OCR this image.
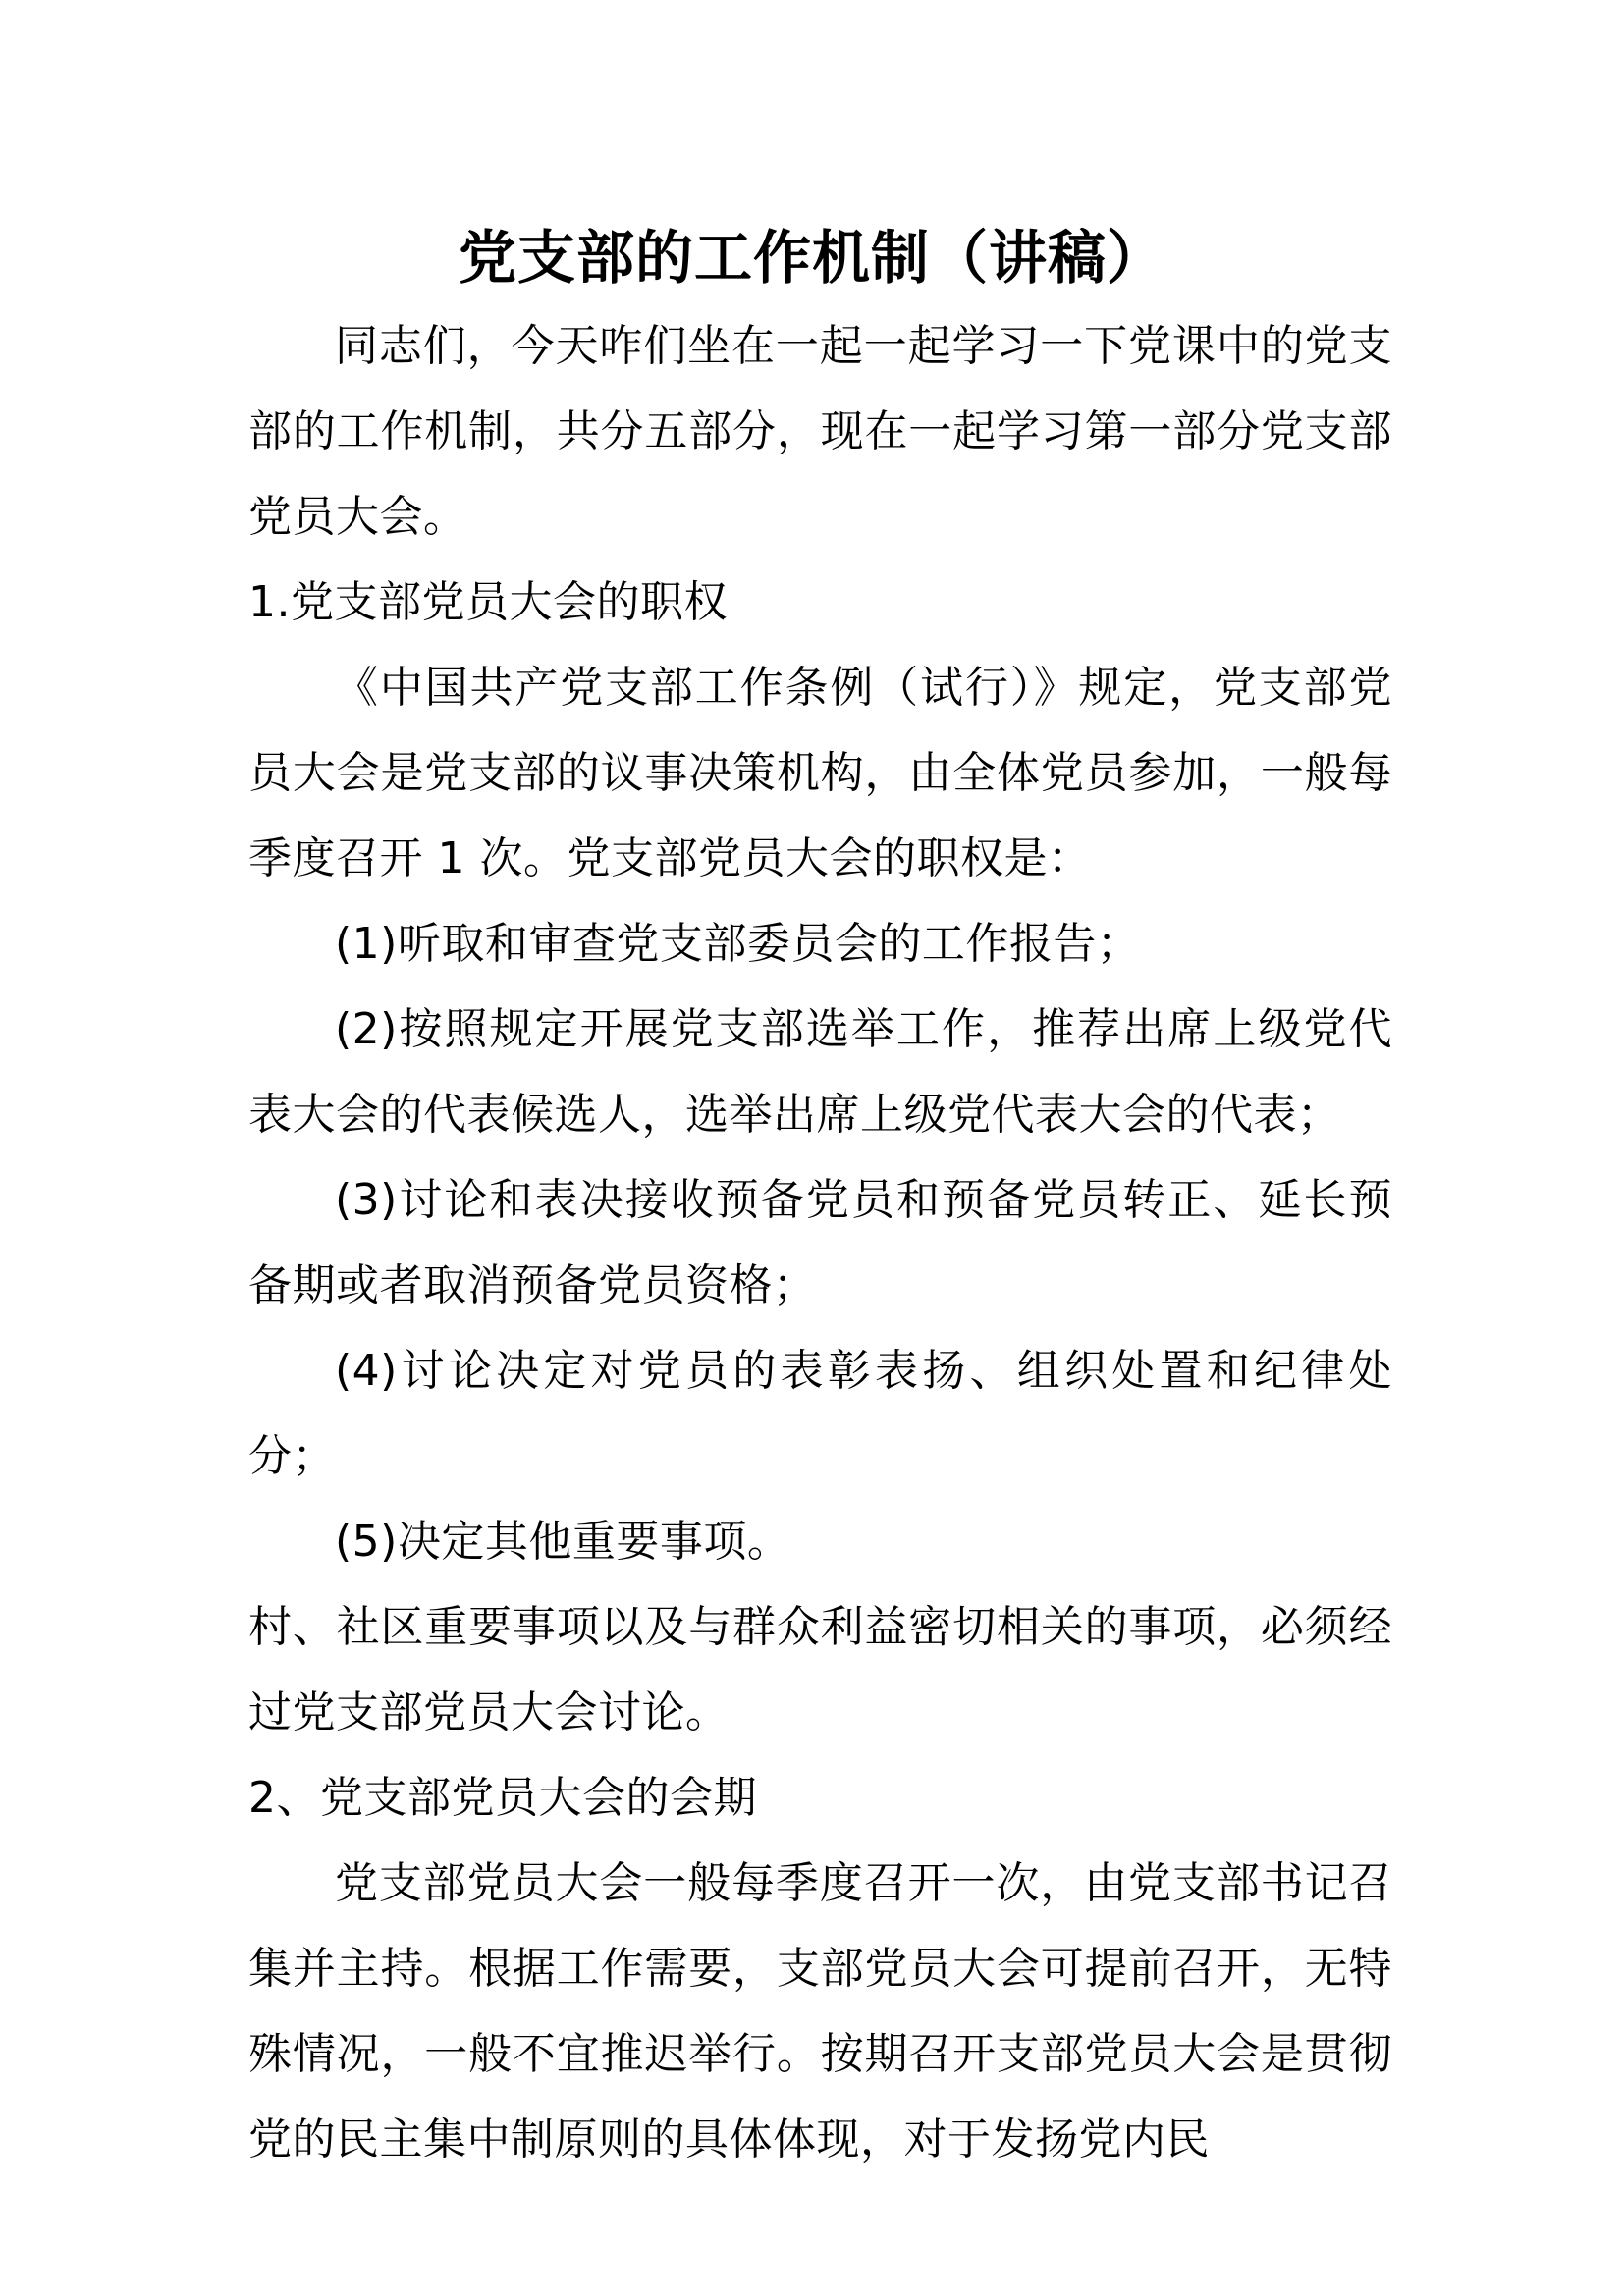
党支部的工作机制（讲稿）

同志们，今天咋们坐在一起一起学习一下党课中的党支部的工作机制，共分五部分，现在一起学习第一部分党支部党员大会。

1.党支部党员大会的职权

《中国共产党支部工作条例（试行）》规定，党支部党员大会是党支部的议事决策机构，由全体党员参加，一般每季度召开 1 次。党支部党员大会的职权是：

(1)听取和审查党支部委员会的工作报告；

(2)按照规定开展党支部选举工作，推荐出席上级党代表大会的代表候选人，选举出席上级党代表大会的代表；

(3)讨论和表决接收预备党员和预备党员转正、延长预备期或者取消预备党员资格；

(4)讨论决定对党员的表彰表扬、组织处置和纪律处分；

(5)决定其他重要事项。

村、社区重要事项以及与群众利益密切相关的事项，必须经过党支部党员大会讨论。

2、党支部党员大会的会期

党支部党员大会一般每季度召开一次，由党支部书记召集并主持。根据工作需要，支部党员大会可提前召开，无特殊情况，一般不宜推迟举行。按期召开支部党员大会是贯彻党的民主集中制原则的具体体现，对于发扬党内民
